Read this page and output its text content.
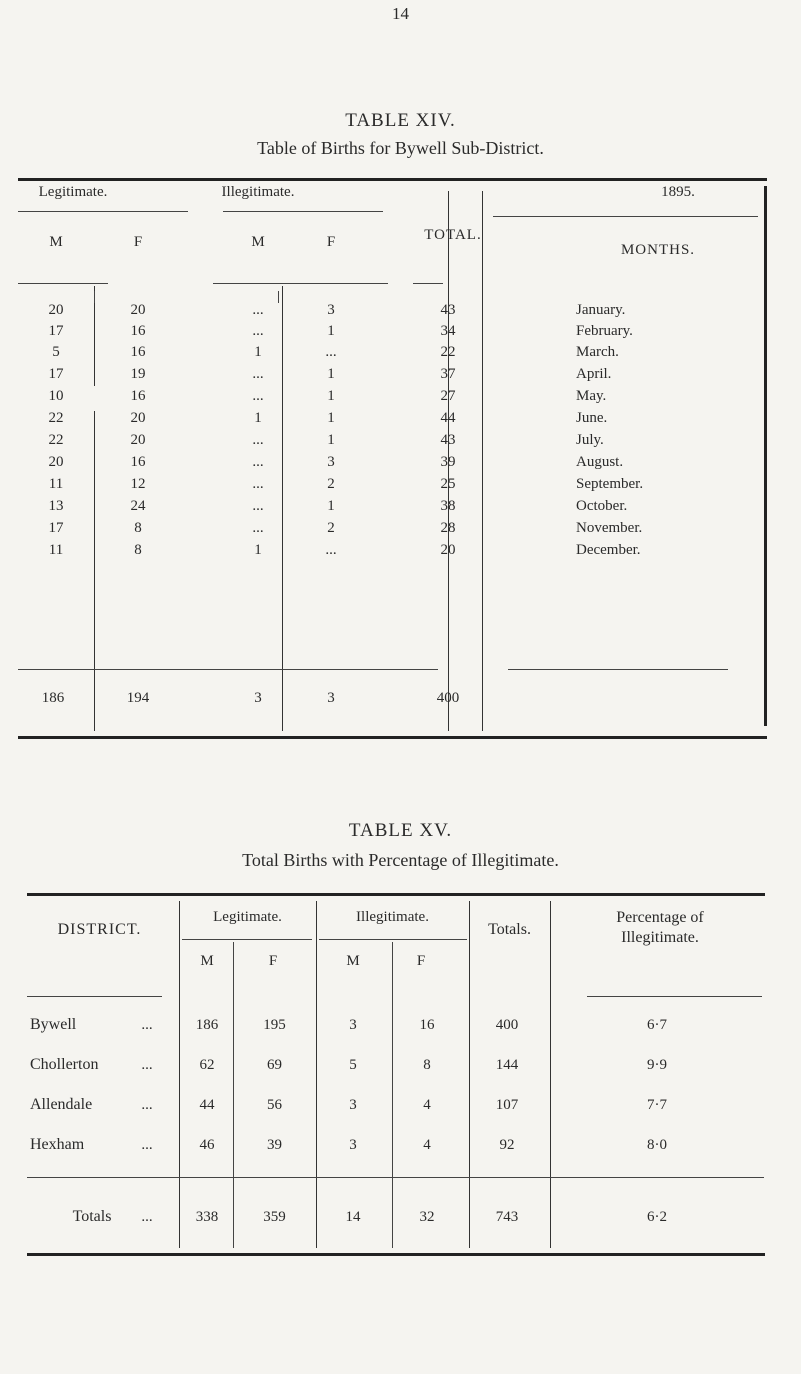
14
TABLE XIV.
Table of Births for Bywell Sub-District.
Legitimate.	Illegitimate.
TOTAL.
1895.
MONTHS.
M	F	M	F
20	20	...	3	43	January.
17	16	...	1	34	February.
5	16	1	...	22	March.
17	19	...	1	37	April.
10	16	...	1	27	May.
22	20	1	1	44	June.
22	20	...	1	43	July.
20	16	...	3	39	August.
11	12	...	2	25	September.
13	24	...	1	38	October.
17	8	...	2	28	November.
11	8	1	...	20	December.
186	194	3	3	400
TABLE XV.
Total Births with Percentage of Illegitimate.
DISTRICT.
Legitimate.	Illegitimate.
Totals.
Percentage of Illegitimate.
M	F	M	F
Bywell	...	186	195	3	16	400	6·7
Chollerton	...	62	69	5	8	144	9·9
Allendale	...	44	56	3	4	107	7·7
Hexham	...	46	39	3	4	92	8·0
Totals	...	338	359	14	32	743	6·2
